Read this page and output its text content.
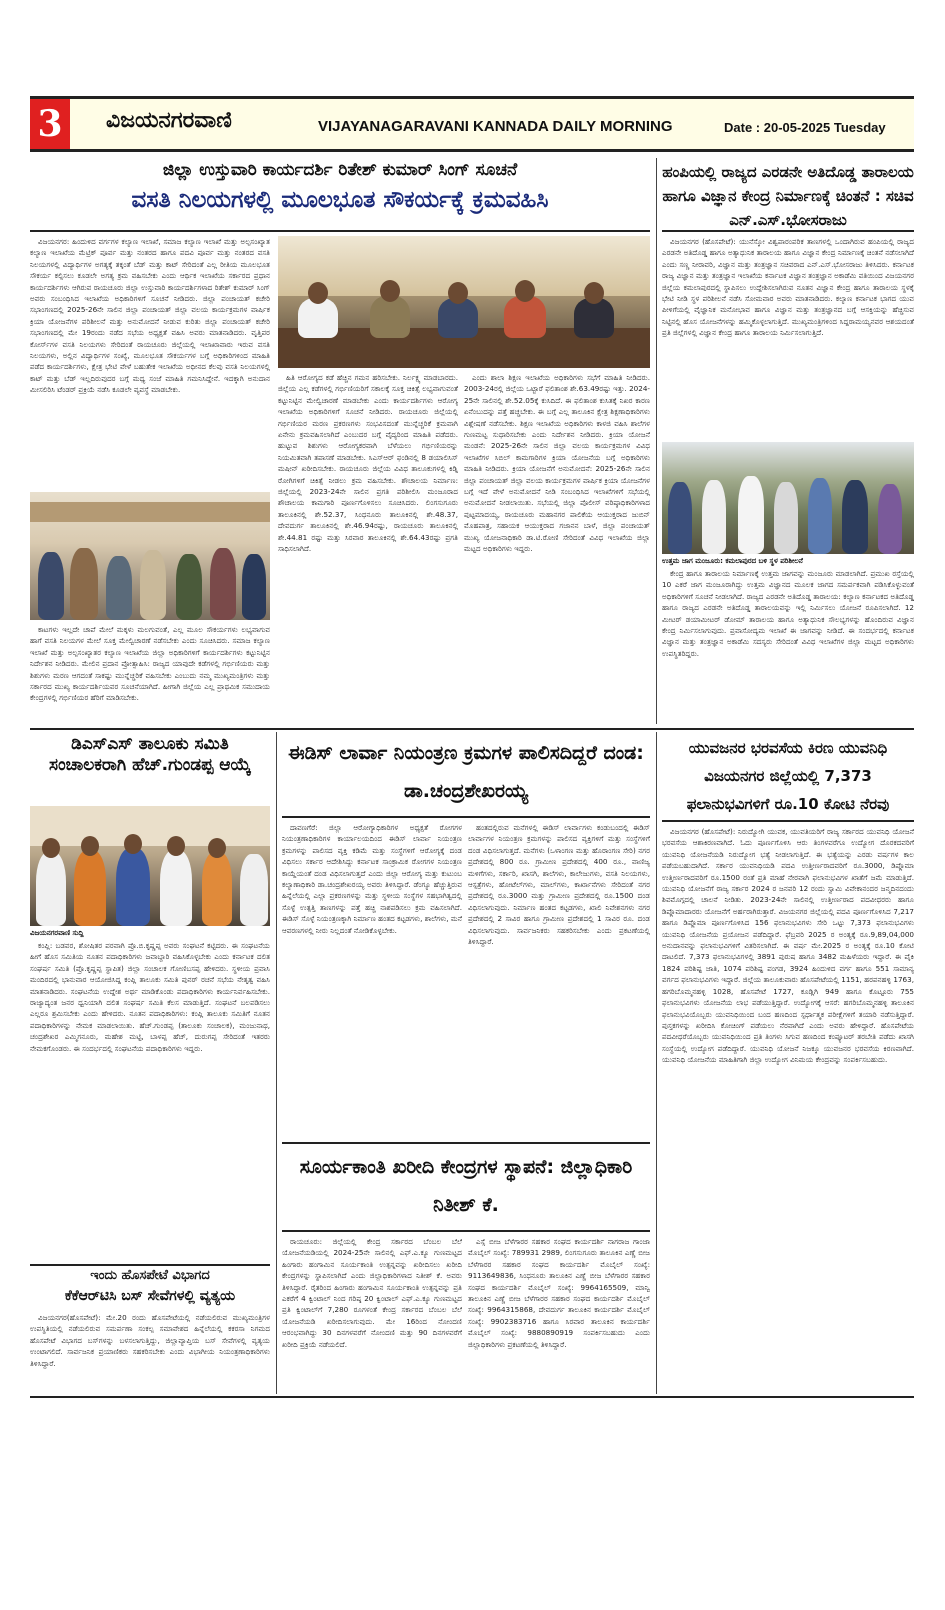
3	ವಿಜಯನಗರವಾಣಿ	VIJAYANAGARAVANI KANNADA DAILY MORNING	Date : 20-05-2025 Tuesday
ಜಿಲ್ಲಾ ಉಸ್ತುವಾರಿ ಕಾರ್ಯದರ್ಶಿ ರಿತೇಶ್ ಕುಮಾರ್ ಸಿಂಗ್ ಸೂಚನೆ
ವಸತಿ ನಿಲಯಗಳಲ್ಲಿ ಮೂಲಭೂತ ಸೌಕರ್ಯಕ್ಕೆ ಕ್ರಮವಹಿಸಿ

ವಿಜಯನಗರ: ಹಿಂದುಳಿದ ವರ್ಗಗಳ ಕಲ್ಯಾಣ ಇಲಾಖೆ, ಸಮಾಜ ಕಲ್ಯಾಣ ಇಲಾಖೆ ಮತ್ತು ಅಲ್ಪಸಂಖ್ಯಾತ ಕಲ್ಯಾಣ ಇಲಾಖೆಯ ಮೆಟ್ರಿಕ್ ಪೂರ್ವ ಮತ್ತು ನಂತರದ ಹಾಗೂ ಪದವಿ ಪೂರ್ವ ಮತ್ತು ನಂತರದ ವಸತಿ ನಿಲಯಗಳಲ್ಲಿ ವಿದ್ಯಾರ್ಥಿಗಳ ಅಗತ್ಯಕ್ಕೆ ತಕ್ಕಂತೆ ಬೆಡ್ ಮತ್ತು ಕಾಟ್ ಸೇರಿದಂತೆ ಎಲ್ಲ ರೀತಿಯ ಮೂಲಭೂತ ಸೌಕರ್ಯ ಕಲ್ಪಿಸಲು ಕೂಡಲೇ ಅಗತ್ಯ ಕ್ರಮ ವಹಿಸಬೇಕು ಎಂದು ಆರ್ಥಿಕ ಇಲಾಖೆಯ ಸರ್ಕಾರದ ಪ್ರಧಾನ ಕಾರ್ಯದರ್ಶಿಗಳು ಆಗಿರುವ ರಾಯಚೂರು ಜಿಲ್ಲಾ ಉಸ್ತುವಾರಿ ಕಾರ್ಯದರ್ಶಿಗಳಾದ ರಿತೇಶ್ ಕುಮಾರ್ ಸಿಂಗ್ ಅವರು ಸಂಬಂಧಿಸಿದ ಇಲಾಖೆಯ ಅಧಿಕಾರಿಗಳಿಗೆ ಸೂಚನೆ ನೀಡಿದರು. ಜಿಲ್ಲಾ ಪಂಚಾಯತ್ ಕಚೇರಿ ಸಭಾಂಗಣದಲ್ಲಿ 2025-26ನೇ ಸಾಲಿನ ಜಿಲ್ಲಾ ಪಂಚಾಯತ್ ಜಿಲ್ಲಾ ವಲಯ ಕಾರ್ಯಕ್ರಮಗಳ ವಾರ್ಷಿಕ ಕ್ರಿಯಾ ಯೋಜನೆಗಳ ಪರಿಶೀಲನೆ ಮತ್ತು ಅನುಮೋದನೆ ನೀಡುವ ಕುರಿತು ಜಿಲ್ಲಾ ಪಂಚಾಯತ್ ಕಚೇರಿ ಸಭಾಂಗಣದಲ್ಲಿ ಮೇ 19ರಂದು ನಡೆದ ಸಭೆಯ ಅಧ್ಯಕ್ಷತೆ ವಹಿಸಿ ಅವರು ಮಾತನಾಡಿದರು. ವೃತ್ತಿಪರ ಕೋರ್ಸ್‌ಗಳ ವಸತಿ ನಿಲಯಗಳು ಸೇರಿದಂತೆ ರಾಯಚೂರು ಜಿಲ್ಲೆಯಲ್ಲಿ ಇಲಾಖಾವಾರು ಇರುವ ವಸತಿ ನಿಲಯಗಳು, ಅಲ್ಲಿನ ವಿದ್ಯಾರ್ಥಿಗಳ ಸಂಖ್ಯೆ, ಮೂಲಭೂತ ಸೌಕರ್ಯಗಳ ಬಗ್ಗೆ ಅಧಿಕಾರಿಗಳಿಂದ ಮಾಹಿತಿ ಪಡೆದ ಕಾರ್ಯದರ್ಶಿಗಳು, ಕ್ಷೇತ್ರ ಭೇಟಿ ವೇಳೆ ಬಹುತೇಕ ಇಲಾಖೆಯ ಅಧೀನದ ಕೆಲವು ವಸತಿ ನಿಲಯಗಳಲ್ಲಿ ಕಾಟ್ ಮತ್ತು ಬೆಡ್ ಇಲ್ಲದಿರುವುದರ ಬಗ್ಗೆ ಮಧ್ಯ ಸಂಜೆ ಮಾಹಿತಿ ಗಮನಿಸಿದ್ದೇನೆ. ಇದಕ್ಕಾಗಿ ಅನುದಾನ ಮೀಸಲಿರಿಸಿ ಟೆಂಡರ್ ಪ್ರಕ್ರಿಯೆ ನಡೆಸಿ ಕೂಡಲೇ ವ್ಯವಸ್ಥೆ ಮಾಡಬೇಕು.

ಕಾಟಗಳು ಇಲ್ಲದೇ ಚಾಪೆ ಮೇಲೆ ಮಕ್ಕಳು ಮಲಗುವಂತೆ, ಎಲ್ಲ ಮೂಲ ಸೌಕರ್ಯಗಳು ಲಭ್ಯವಾಗುವ ಹಾಗೆ ವಸತಿ ನಿಲಯಗಳ ಮೇಲೆ ಸೂಕ್ತ ಮೇಲ್ವಿಚಾರಣೆ ನಡೆಸಬೇಕು ಎಂದು ಸೂಚಿಸಿದರು. ಸಮಾಜ ಕಲ್ಯಾಣ ಇಲಾಖೆ ಮತ್ತು ಅಲ್ಪಸಂಖ್ಯಾತರ ಕಲ್ಯಾಣ ಇಲಾಖೆಯ ಜಿಲ್ಲಾ ಅಧಿಕಾರಿಗಳಿಗೆ ಕಾರ್ಯದರ್ಶಿಗಳು ಕಟ್ಟುನಿಟ್ಟಿನ ನಿರ್ದೇಶನ ನೀಡಿದರು. ಮೇಲಿನ ಪ್ರದಾನ ಪ್ರೋತ್ಸಾಹಿಸಿ: ರಾಜ್ಯದ ಯಾವುದೇ ಕಡೆಗಳಲ್ಲಿ ಗರ್ಭಿಣಿಯರು ಮತ್ತು ಶಿಶುಗಳು ಮರಣ ಆಗದಂತೆ ಸಾಕಷ್ಟು ಮುನ್ನೆಚ್ಚರಿಕೆ ವಹಿಸಬೇಕು ಎಂಬುದು ನಮ್ಮ ಮುಖ್ಯಮಂತ್ರಿಗಳು ಮತ್ತು ಸರ್ಕಾರದ ಮುಖ್ಯ ಕಾರ್ಯದರ್ಶಿಯವರ ಸೂಚನೆಯಾಗಿದೆ. ಹೀಗಾಗಿ ಜಿಲ್ಲೆಯ ಎಲ್ಲ ಪ್ರಾಥಮಿಕ ಸಮುದಾಯ ಕೇಂದ್ರಗಳಲ್ಲಿ ಗರ್ಭಿಣಿಯರ ಹೆರಿಗೆ ಮಾಡಿಸಬೇಕು.

ಹಿತಿ ಆರೋಗ್ಯದ ಕಡೆ ಹೆಚ್ಚಿನ ಗಮನ ಹರಿಸಬೇಕು. ನಿರ್ಲಕ್ಷ್ಯ ಮಾಡಬಾರದು. ಜಿಲ್ಲೆಯ ಎಲ್ಲ ಕಡೆಗಳಲ್ಲಿ ಗರ್ಭಿಣಿಯರಿಗೆ ಸಕಾಲಕ್ಕೆ ಸೂಕ್ತ ಚಿಕಿತ್ಸೆ ಲಭ್ಯವಾಗುವಂತೆ ಕಟ್ಟುನಿಟ್ಟಿನ ಮೇಲ್ವಿಚಾರಣೆ ಮಾಡಬೇಕು ಎಂದು ಕಾರ್ಯದರ್ಶಿಗಳು ಆರೋಗ್ಯ ಇಲಾಖೆಯ ಅಧಿಕಾರಿಗಳಿಗೆ ಸೂಚನೆ ನೀಡಿದರು. ರಾಯಚೂರು ಜಿಲ್ಲೆಯಲ್ಲಿ ಗರ್ಭಿಣಿಯರ ಮರಣ ಪ್ರಕರಣಗಳು ಸಂಭವಿಸದಂತೆ ಮುನ್ನೆಚ್ಚರಿಕೆ ಕ್ರಮವಾಗಿ ಏನೇನು ಕ್ರಮವಹಿಸಲಾಗಿದೆ ಎಂಬುದರ ಬಗ್ಗೆ ವೈದ್ಯರಿಂದ ಮಾಹಿತಿ ಪಡೆದರು. ಹುಟ್ಟುವ ಶಿಶುಗಳು ಆರೋಗ್ಯಕರವಾಗಿ ಬೆಳೆಯಲು ಗರ್ಭಿಣಿಯರನ್ನು ನಿಯಮಿತವಾಗಿ ತಪಾಸಣೆ ಮಾಡಬೇಕು. ಸಿಎಸ್ಆರ್ ಫಂಡಿನಲ್ಲಿ 8 ಡಯಾಲಿಸಿಸ್ ಮಷೀನ್ ಖರೀದಿಸಬೇಕು. ರಾಯಚೂರು ಜಿಲ್ಲೆಯ ವಿವಿಧ ತಾಲೂಕುಗಳಲ್ಲಿ ಕಿಡ್ನಿ ರೋಗಿಗಳಿಗೆ ಚಿಕಿತ್ಸೆ ನೀಡಲು ಕ್ರಮ ವಹಿಸಬೇಕು. ಶೌಚಾಲಯ ನಿರ್ಮಾಣ: ಜಿಲ್ಲೆಯಲ್ಲಿ 2023-24ನೇ ಸಾಲಿನ ಪ್ರಗತಿ ಪರಿಶೀಲಿಸಿ ಮಂಜೂರಾದ ಶೌಚಾಲಯ ಕಾಮಗಾರಿ ಪೂರ್ಣಗೊಳಿಸಲು ಸೂಚಿಸಿದರು. ಲಿಂಗಸುಗೂರು ತಾಲೂಕಿನಲ್ಲಿ ಶೇ.52.37, ಸಿಂಧನೂರು ತಾಲೂಕಿನಲ್ಲಿ ಶೇ.48.37, ದೇವದುರ್ಗ ತಾಲೂಕಿನಲ್ಲಿ ಶೇ.46.94ರಷ್ಟು, ರಾಯಚೂರು ತಾಲೂಕಿನಲ್ಲಿ ಶೇ.44.81 ರಷ್ಟು ಮತ್ತು ಸಿರವಾರ ತಾಲೂಕಿನಲ್ಲಿ ಶೇ.64.43ರಷ್ಟು ಪ್ರಗತಿ ಸಾಧಿಸಲಾಗಿದೆ.

ಎಂದು ಶಾಲಾ ಶಿಕ್ಷಣ ಇಲಾಖೆಯ ಅಧಿಕಾರಿಗಳು ಸಭೆಗೆ ಮಾಹಿತಿ ನೀಡಿದರು. 2003-24ರಲ್ಲಿ ಜಿಲ್ಲೆಯ ಒಟ್ಟಾರೆ ಫಲಿತಾಂಶ ಶೇ.63.49ರಷ್ಟು ಇತ್ತು. 2024-25ನೇ ಸಾಲಿನಲ್ಲಿ ಶೇ.52.05ಕ್ಕೆ ಕುಸಿದಿದೆ. ಈ ಫಲಿತಾಂಶ ಕುಸಿತಕ್ಕೆ ನಿಖರ ಕಾರಣ ಏನೆಂಬುದನ್ನು ಪತ್ತೆ ಹಚ್ಚಬೇಕು. ಈ ಬಗ್ಗೆ ಎಲ್ಲ ತಾಲೂಕಿನ ಕ್ಷೇತ್ರ ಶಿಕ್ಷಣಾಧಿಕಾರಿಗಳು ವಿಶ್ಲೇಷಣೆ ನಡೆಸಬೇಕು. ಶಿಕ್ಷಣ ಇಲಾಖೆಯ ಅಧಿಕಾರಿಗಳು ಕಾಳಜಿ ವಹಿಸಿ ಶಾಲೆಗಳ ಗುಣಮಟ್ಟ ಸುಧಾರಿಸಬೇಕು ಎಂದು ನಿರ್ದೇಶನ ನೀಡಿದರು. ಕ್ರಿಯಾ ಯೋಜನೆ ಮಂಡನೆ: 2025-26ನೇ ಸಾಲಿನ ಜಿಲ್ಲಾ ವಲಯ ಕಾರ್ಯಕ್ರಮಗಳ ವಿವಿಧ ಇಲಾಖೆಗಳ ಸಿಬಿಲ್ ಕಾಮಗಾರಿಗಳ ಕ್ರಿಯಾ ಯೋಜನೆಯ ಬಗ್ಗೆ ಅಧಿಕಾರಿಗಳು ಮಾಹಿತಿ ನೀಡಿದರು. ಕ್ರಿಯಾ ಯೋಜನೆಗೆ ಅನುಮೋದನೆ: 2025-26ನೇ ಸಾಲಿನ ಜಿಲ್ಲಾ ಪಂಚಾಯತ್ ಜಿಲ್ಲಾ ವಲಯ ಕಾರ್ಯಕ್ರಮಗಳ ವಾರ್ಷಿಕ ಕ್ರಿಯಾ ಯೋಜನೆಗಳ ಬಗ್ಗೆ ಇದೆ ವೇಳೆ ಅನುಮೋದನೆ ನೀಡಿ ಸಂಬಂಧಿಸಿದ ಇಲಾಖೆಗಳಿಗೆ ಸಭೆಯಲ್ಲಿ ಅನುಮೋದನೆ ನೀಡಲಾಯಿತು. ಸಭೆಯಲ್ಲಿ ಜಿಲ್ಲಾ ಪೊಲೀಸ್ ವರಿಷ್ಠಾಧಿಕಾರಿಗಳಾದ ಪುಟ್ಟಮಾದಯ್ಯ, ರಾಯಚೂರು ಮಹಾನಗರ ಪಾಲಿಕೆಯ ಆಯುಕ್ತರಾದ ಜುಬಿನ್ ಮೊಹಪಾತ್ರ, ಸಹಾಯಕ ಆಯುಕ್ತರಾದ ಗಜಾನನ ಬಾಳೆ, ಜಿಲ್ಲಾ ಪಂಚಾಯತ್ ಮುಖ್ಯ ಯೋಜನಾಧಿಕಾರಿ ಡಾ.ಟಿ.ರೋಣಿ ಸೇರಿದಂತೆ ವಿವಿಧ ಇಲಾಖೆಯ ಜಿಲ್ಲಾ ಮಟ್ಟದ ಅಧಿಕಾರಿಗಳು ಇದ್ದರು.

ಹಂಪಿಯಲ್ಲಿ ರಾಜ್ಯದ ಎರಡನೇ ಅತಿದೊಡ್ಡ ತಾರಾಲಯ ಹಾಗೂ ವಿಜ್ಞಾನ ಕೇಂದ್ರ ನಿರ್ಮಾಣಕ್ಕೆ ಚಿಂತನೆ : ಸಚಿವ ಎನ್.ಎಸ್.ಭೋಸರಾಜು

ವಿಜಯನಗರ (ಹೊಸಪೇಟೆ): ಯುನೆಸ್ಕೋ ವಿಶ್ವಪಾರಂಪರಿಕ ತಾಣಗಳಲ್ಲಿ ಒಂದಾಗಿರುವ ಹಂಪಿಯಲ್ಲಿ ರಾಜ್ಯದ ಎರಡನೇ ಅತಿದೊಡ್ಡ ಹಾಗೂ ಅತ್ಯಾಧುನಿಕ ತಾರಾಲಯ ಹಾಗೂ ವಿಜ್ಞಾನ ಕೇಂದ್ರ ನಿರ್ಮಾಣಕ್ಕೆ ಚಿಂತನೆ ನಡೆಸಲಾಗಿದೆ ಎಂದು ಸಣ್ಣ ನೀರಾವರಿ, ವಿಜ್ಞಾನ ಮತ್ತು ತಂತ್ರಜ್ಞಾನ ಸಚಿವರಾದ ಎನ್.ಎಸ್.ಭೋಸರಾಜು ತಿಳಿಸಿದರು. ಕರ್ನಾಟಕ ರಾಜ್ಯ ವಿಜ್ಞಾನ ಮತ್ತು ತಂತ್ರಜ್ಞಾನ ಇಲಾಖೆಯ ಕರ್ನಾಟಕ ವಿಜ್ಞಾನ ತಂತ್ರಜ್ಞಾನ ಅಕಾಡೆಮಿ ವತಿಯಿಂದ ವಿಜಯನಗರ ಜಿಲ್ಲೆಯ ಕಮಲಾಪುರದಲ್ಲಿ ಸ್ಥಾಪಿಸಲು ಉದ್ದೇಶಿಸಲಾಗಿರುವ ನೂತನ ವಿಜ್ಞಾನ ಕೇಂದ್ರ ಹಾಗೂ ತಾರಾಲಯ ಸ್ಥಳಕ್ಕೆ ಭೇಟಿ ನೀಡಿ ಸ್ಥಳ ಪರಿಶೀಲನೆ ನಡೆಸಿ ಸೋಮವಾರ ಅವರು ಮಾತನಾಡಿದರು. ಕಲ್ಯಾಣ ಕರ್ನಾಟಕ ಭಾಗದ ಯುವ ಪೀಳಿಗೆಯಲ್ಲಿ ವೈಜ್ಞಾನಿಕ ಮನೋಭಾವ ಹಾಗೂ ವಿಜ್ಞಾನ ಮತ್ತು ತಂತ್ರಜ್ಞಾನದ ಬಗ್ಗೆ ಆಸಕ್ತಿಯನ್ನು ಹೆಚ್ಚಿಸುವ ನಿಟ್ಟಿನಲ್ಲಿ ಹೊಸ ಯೋಜನೆಗಳನ್ನು ಹಮ್ಮಿಕೊಳ್ಳಲಾಗುತ್ತಿದೆ. ಮುಖ್ಯಮಂತ್ರಿಗಳಿಂದ ಸಿದ್ದರಾಮಯ್ಯನವರ ಆಶಯದಂತೆ ಪ್ರತಿ ಜಿಲ್ಲೆಗಳಲ್ಲಿ ವಿಜ್ಞಾನ ಕೇಂದ್ರ ಹಾಗೂ ತಾರಾಲಯ ನಿರ್ಮಿಸಲಾಗುತ್ತಿದೆ.

ಉತ್ತಮ ಜಾಗ ಮಂಜೂರು: ಕಮಲಾಪುರದ ಬಳಿ ಸ್ಥಳ ಪರಿಶೀಲನೆ

ಕೇಂದ್ರ ಹಾಗೂ ತಾರಾಲಯ ನಿರ್ಮಾಣಕ್ಕೆ ಉತ್ತಮ ಜಾಗವನ್ನು ಮಂಜೂರು ಮಾಡಲಾಗಿದೆ. ಪ್ರಮುಖ ರಸ್ತೆಯಲ್ಲಿ 10 ಎಕರೆ ಜಾಗ ಮಂಜೂರಾಗಿದ್ದು ಉತ್ತಮ ವಿಜ್ಞಾನದ ಮೂಲಕ ಜಾಗದ ಸಮರ್ಪಕವಾಗಿ ಪಡಿಸಿಕೊಳ್ಳುವಂತೆ ಅಧಿಕಾರಿಗಳಿಗೆ ಸೂಚನೆ ನೀಡಲಾಗಿದೆ. ರಾಜ್ಯದ ಎರಡನೇ ಅತಿದೊಡ್ಡ ತಾರಾಲಯ: ಕಲ್ಯಾಣ ಕರ್ನಾಟಕದ ಅತಿದೊಡ್ಡ ಹಾಗೂ ರಾಜ್ಯದ ಎರಡನೇ ಅತಿದೊಡ್ಡ ತಾರಾಲಯವನ್ನು ಇಲ್ಲಿ ನಿರ್ಮಿಸಲು ಯೋಜನೆ ರೂಪಿಸಲಾಗಿದೆ. 12 ಮೀಟರ್ ಡಯಾಮೀಟರ್ ಡೋಮ್ ತಾರಾಲಯ ಹಾಗೂ ಅತ್ಯಾಧುನಿಕ ಸೌಲಭ್ಯಗಳನ್ನು ಹೊಂದಿರುವ ವಿಜ್ಞಾನ ಕೇಂದ್ರ ನಿರ್ಮಿಸಲಾಗುವುದು. ಪ್ರವಾಸೋದ್ಯಮ ಇಲಾಖೆ ಈ ಜಾಗವನ್ನು ನೀಡಿದೆ. ಈ ಸಂದರ್ಭದಲ್ಲಿ ಕರ್ನಾಟಕ ವಿಜ್ಞಾನ ಮತ್ತು ತಂತ್ರಜ್ಞಾನ ಅಕಾಡೆಮಿ ಸದಸ್ಯರು ಸೇರಿದಂತೆ ವಿವಿಧ ಇಲಾಖೆಗಳ ಜಿಲ್ಲಾ ಮಟ್ಟದ ಅಧಿಕಾರಿಗಳು ಉಪಸ್ಥಿತರಿದ್ದರು.

ಡಿಎಸ್‌ಎಸ್ ತಾಲೂಕು ಸಮಿತಿ ಸಂಚಾಲಕರಾಗಿ ಹೆಚ್.ಗುಂಡಪ್ಪ ಆಯ್ಕೆ
ವಿಜಯನಗರವಾಣಿ ಸುದ್ದಿ

ಕಂಪ್ಲಿ: ಬಡವರ, ಶೋಷಿತರ ಪರವಾಗಿ ಪ್ರೊ.ಬಿ.ಕೃಷ್ಣಪ್ಪ ಅವರು ಸಂಘಟನೆ ಕಟ್ಟಿದರು. ಈ ಸಂಘಟನೆಯ ಹೀಗೆ ಹೊಸ ಸಮಿತಿಯ ನೂತನ ಪದಾಧಿಕಾರಿಗಳು ಜವಾಬ್ದಾರಿ ವಹಿಸಿಕೊಳ್ಳಬೇಕು ಎಂದು ಕರ್ನಾಟಕ ದಲಿತ ಸಂಘರ್ಷ ಸಮಿತಿ (ಪ್ರೊ.ಕೃಷ್ಣಪ್ಪ ಸ್ಥಾಪಿತ) ಜಿಲ್ಲಾ ಸಂಚಾಲಕ ಗೋಣಿಬಸಪ್ಪ ಹೇಳಿದರು. ಸ್ಥಳೀಯ ಪ್ರವಾಸಿ ಮಂದಿರದಲ್ಲಿ ಭಾನುವಾರ ಆಯೋಜಿಸಿದ್ದ ಕಂಪ್ಲಿ ತಾಲೂಕು ಸಮಿತಿ ಪುನರ್ ರಚನೆ ಸಭೆಯ ನೇತೃತ್ವ ವಹಿಸಿ ಮಾತನಾಡಿದರು. ಸಂಘಟನೆಯ ಉದ್ದೇಶ ಅರ್ಥ ಮಾಡಿಕೊಂಡು ಪದಾಧಿಕಾರಿಗಳು ಕಾರ್ಯನಿರ್ವಹಿಸಬೇಕು. ರಾಜ್ಯಾದ್ಯಂತ ಜನರ ಧ್ವನಿಯಾಗಿ ದಲಿತ ಸಂಘರ್ಷ ಸಮಿತಿ ಕೆಲಸ ಮಾಡುತ್ತಿದೆ. ಸಂಘಟನೆ ಬಲಪಡಿಸಲು ಎಲ್ಲರೂ ಶ್ರಮಿಸಬೇಕು ಎಂದು ಹೇಳಿದರು. ನೂತನ ಪದಾಧಿಕಾರಿಗಳು: ಕಂಪ್ಲಿ ತಾಲೂಕು ಸಮಿತಿಗೆ ನೂತನ ಪದಾಧಿಕಾರಿಗಳನ್ನು ನೇಮಕ ಮಾಡಲಾಯಿತು. ಹೆಚ್.ಗುಂಡಪ್ಪ (ತಾಲೂಕು ಸಂಚಾಲಕ), ಮಂಜುನಾಥ, ಚಂದ್ರಶೇಖರ ಎಮ್ಮಿಗನೂರು, ಮಹೇಶ ಮಟ್ಟಿ, ಬಾಳಪ್ಪ ಹೆಚ್, ದುರುಗಪ್ಪ ಸೇರಿದಂತೆ ಇತರರು ನೇಮಕಗೊಂಡರು. ಈ ಸಂದರ್ಭದಲ್ಲಿ ಸಂಘಟನೆಯ ಪದಾಧಿಕಾರಿಗಳು ಇದ್ದರು.

ಇಂದು ಹೊಸಪೇಟೆ ವಿಭಾಗದ
ಕೆಕೆಆರ್‌ಟಿಸಿ ಬಸ್ ಸೇವೆಗಳಲ್ಲಿ ವ್ಯತ್ಯಯ

ವಿಜಯನಗರ(ಹೊಸಪೇಟೆ): ಮೇ.20 ರಂದು ಹೊಸಪೇಟೆಯಲ್ಲಿ ನಡೆಯಲಿರುವ ಮುಖ್ಯಮಂತ್ರಿಗಳ ಉಪಸ್ಥಿತಿಯಲ್ಲಿ ನಡೆಯಲಿರುವ ಸಮರ್ಪಣಾ ಸಂಕಲ್ಪ ಸಮಾವೇಶದ ಹಿನ್ನೆಲೆಯಲ್ಲಿ ಕಕರಸಾ ನಿಗಮದ ಹೊಸಪೇಟೆ ವಿಭಾಗದ ಬಸ್‌ಗಳನ್ನು ಬಳಸಲಾಗುತ್ತಿದ್ದು, ಜಿಲ್ಲಾವ್ಯಾಪ್ತಿಯ ಬಸ್ ಸೇವೆಗಳಲ್ಲಿ ವ್ಯತ್ಯಯ ಉಂಟಾಗಲಿದೆ. ಸಾರ್ವಜನಿಕ ಪ್ರಯಾಣಿಕರು ಸಹಕರಿಸಬೇಕು ಎಂದು ವಿಭಾಗೀಯ ನಿಯಂತ್ರಣಾಧಿಕಾರಿಗಳು ತಿಳಿಸಿದ್ದಾರೆ.

ಈಡಿಸ್ ಲಾರ್ವಾ ನಿಯಂತ್ರಣ ಕ್ರಮಗಳ ಪಾಲಿಸದಿದ್ದರೆ ದಂಡ: ಡಾ.ಚಂದ್ರಶೇಖರಯ್ಯ

ದಾವಣಗೆರೆ: ಜಿಲ್ಲಾ ಆರೋಗ್ಯಾಧಿಕಾರಿಗಳ ಅಧ್ಯಕ್ಷತೆ ರೋಗಗಳ ನಿಯಂತ್ರಣಾಧಿಕಾರಿಗಳ ಕಾರ್ಯಾಲಯದಿಂದ ಈಡಿಸ್ ಲಾರ್ವಾ ನಿಯಂತ್ರಣ ಕ್ರಮಗಳನ್ನು ಪಾಲಿಸದ ವ್ಯಕ್ತಿ ಕಡಿಮೆ ಮತ್ತು ಸಂಸ್ಥೆಗಳಿಗೆ ಆರೋಗ್ಯಕ್ಕೆ ದಂಡ ವಿಧಿಸಲು ಸರ್ಕಾರ ಆದೇಶಿಸಿದ್ದು ಕರ್ನಾಟಕ ಸಾಂಕ್ರಾಮಿಕ ರೋಗಗಳ ನಿಯಂತ್ರಣ ಕಾಯ್ದೆಯಂತೆ ದಂಡ ವಿಧಿಸಲಾಗುತ್ತದೆ ಎಂದು ಜಿಲ್ಲಾ ಆರೋಗ್ಯ ಮತ್ತು ಕುಟುಂಬ ಕಲ್ಯಾಣಾಧಿಕಾರಿ ಡಾ.ಚಂದ್ರಶೇಖರಯ್ಯ ಅವರು ತಿಳಿಸಿದ್ದಾರೆ. ಡೆಂಗ್ಯೂ ಹೆಚ್ಚುತ್ತಿರುವ ಹಿನ್ನೆಲೆಯಲ್ಲಿ ಎಲ್ಲಾ ಪ್ರಕರಣಗಳನ್ನು ಮತ್ತು ಸ್ಥಳೀಯ ಸಂಸ್ಥೆಗಳ ಸಹಭಾಗಿತ್ವದಲ್ಲಿ ಸೊಳ್ಳೆ ಉತ್ಪತ್ತಿ ತಾಣಗಳನ್ನು ಪತ್ತೆ ಹಚ್ಚಿ ನಾಶಪಡಿಸಲು ಕ್ರಮ ವಹಿಸಲಾಗಿದೆ. ಈಡಿಸ್ ಸೊಳ್ಳೆ ನಿಯಂತ್ರಣಕ್ಕಾಗಿ ನಿರ್ಮಾಣ ಹಂತದ ಕಟ್ಟಡಗಳು, ಶಾಲೆಗಳು, ಮನೆ ಆವರಣಗಳಲ್ಲಿ ನೀರು ನಿಲ್ಲದಂತೆ ನೋಡಿಕೊಳ್ಳಬೇಕು.

ಹಂತದಲ್ಲಿರುವ ಮನೆಗಳಲ್ಲಿ ಈಡಿಸ್ ಲಾರ್ವಾಗಳು ಕಂಡುಬಂದಲ್ಲಿ ಈಡಿಸ್ ಲಾರ್ವಾಗಳ ನಿಯಂತ್ರಣ ಕ್ರಮಗಳನ್ನು ಪಾಲಿಸದ ವ್ಯಕ್ತಿಗಳಿಗೆ ಮತ್ತು ಸಂಸ್ಥೆಗಳಿಗೆ ದಂಡ ವಿಧಿಸಲಾಗುತ್ತದೆ. ಮನೆಗಳು (ಒಳಾಂಗಣ ಮತ್ತು ಹೊರಾಂಗಣ ಸೇರಿ) ನಗರ ಪ್ರದೇಶದಲ್ಲಿ 800 ರೂ. ಗ್ರಾಮೀಣ ಪ್ರದೇಶದಲ್ಲಿ 400 ರೂ., ವಾಣಿಜ್ಯ ಮಳಿಗೆಗಳು, ಸರ್ಕಾರಿ, ಖಾಸಗಿ, ಶಾಲೆಗಳು, ಕಾಲೇಜುಗಳು, ವಸತಿ ನಿಲಯಗಳು, ಆಸ್ಪತ್ರೆಗಳು, ಹೋಟೆಲ್‌ಗಳು, ಮಾಲ್‌ಗಳು, ಕಾರ್ಖಾನೆಗಳು ಸೇರಿದಂತೆ ನಗರ ಪ್ರದೇಶದಲ್ಲಿ ರೂ.3000 ಮತ್ತು ಗ್ರಾಮೀಣ ಪ್ರದೇಶದಲ್ಲಿ ರೂ.1500 ದಂಡ ವಿಧಿಸಲಾಗುವುದು. ನಿರ್ಮಾಣ ಹಂತದ ಕಟ್ಟಡಗಳು, ಖಾಲಿ ನಿವೇಶನಗಳು ನಗರ ಪ್ರದೇಶದಲ್ಲಿ 2 ಸಾವಿರ ಹಾಗೂ ಗ್ರಾಮೀಣ ಪ್ರದೇಶದಲ್ಲಿ 1 ಸಾವಿರ ರೂ. ದಂಡ ವಿಧಿಸಲಾಗುವುದು. ಸಾರ್ವಜನಿಕರು ಸಹಕರಿಸಬೇಕು ಎಂದು ಪ್ರಕಟಣೆಯಲ್ಲಿ ತಿಳಿಸಿದ್ದಾರೆ.

ಸೂರ್ಯಕಾಂತಿ ಖರೀದಿ ಕೇಂದ್ರಗಳ ಸ್ಥಾಪನೆ: ಜಿಲ್ಲಾಧಿಕಾರಿ ನಿತೀಶ್ ಕೆ.

ರಾಯಚೂರು: ಜಿಲ್ಲೆಯಲ್ಲಿ ಕೇಂದ್ರ ಸರ್ಕಾರದ ಬೆಂಬಲ ಬೆಲೆ ಯೋಜನೆಯಡಿಯಲ್ಲಿ 2024-25ನೇ ಸಾಲಿನಲ್ಲಿ ಎಫ್.ಎ.ಕ್ಯೂ ಗುಣಮಟ್ಟದ ಹಿಂಗಾರು ಹಂಗಾಮಿನ ಸೂರ್ಯಕಾಂತಿ ಉತ್ಪನ್ನವನ್ನು ಖರೀದಿಸಲು ಖರೀದಿ ಕೇಂದ್ರಗಳನ್ನು ಸ್ಥಾಪಿಸಲಾಗಿದೆ ಎಂದು ಜಿಲ್ಲಾಧಿಕಾರಿಗಳಾದ ನಿತೀಶ್ ಕೆ. ಅವರು ತಿಳಿಸಿದ್ದಾರೆ. ರೈತರಿಂದ ಹಿಂಗಾರು ಹಂಗಾಮಿನ ಸೂರ್ಯಕಾಂತಿ ಉತ್ಪನ್ನವನ್ನು ಪ್ರತಿ ಎಕರೆಗೆ 4 ಕ್ವಿಂಟಾಲ್ ನಿಂದ ಗರಿಷ್ಠ 20 ಕ್ವಿಂಟಾಲ್ ಎಫ್.ಎ.ಕ್ಯೂ ಗುಣಮಟ್ಟದ ಪ್ರತಿ ಕ್ವಿಂಟಾಲ್‌ಗೆ 7,280 ರೂಗಳಂತೆ ಕೇಂದ್ರ ಸರ್ಕಾರದ ಬೆಂಬಲ ಬೆಲೆ ಯೋಜನೆಯಡಿ ಖರೀದಿಸಲಾಗುವುದು. ಮೇ 16ರಿಂದ ನೋಂದಣಿ ಆರಂಭವಾಗಿದ್ದು 30 ದಿನಗಳವರೆಗೆ ನೋಂದಣಿ ಮತ್ತು 90 ದಿನಗಳವರೆಗೆ ಖರೀದಿ ಪ್ರಕ್ರಿಯೆ ನಡೆಯಲಿದೆ.

ಎಸ್ಸೆ ಬೀಜ ಬೆಳೆಗಾರರ ಸಹಕಾರ ಸಂಘದ ಕಾರ್ಯದರ್ಶಿ ನಾಗರಾಜ ಗಾಂಜಾ ಮೊಬೈಲ್ ಸಂಖ್ಯೆ: 789931 2989, ಲಿಂಗಸುಗೂರು ತಾಲೂಕಿನ ಎಣ್ಣೆ ಬೀಜ ಬೆಳೆಗಾರರ ಸಹಕಾರ ಸಂಘದ ಕಾರ್ಯದರ್ಶಿ ಮೊಬೈಲ್ ಸಂಖ್ಯೆ: 9113649836, ಸಿಂಧನೂರು ತಾಲೂಕಿನ ಎಣ್ಣೆ ಬೀಜ ಬೆಳೆಗಾರರ ಸಹಕಾರ ಸಂಘದ ಕಾರ್ಯದರ್ಶಿ ಮೊಬೈಲ್ ಸಂಖ್ಯೆ: 9964165509, ಮಾನ್ವಿ ತಾಲೂಕಿನ ಎಣ್ಣೆ ಬೀಜ ಬೆಳೆಗಾರರ ಸಹಕಾರ ಸಂಘದ ಕಾರ್ಯದರ್ಶಿ ಮೊಬೈಲ್ ಸಂಖ್ಯೆ: 9964315868, ದೇವದುರ್ಗ ತಾಲೂಕಿನ ಕಾರ್ಯದರ್ಶಿ ಮೊಬೈಲ್ ಸಂಖ್ಯೆ: 9902383716 ಹಾಗೂ ಸಿರವಾರ ತಾಲೂಕಿನ ಕಾರ್ಯದರ್ಶಿ ಮೊಬೈಲ್ ಸಂಖ್ಯೆ: 9880890919 ಸಂಪರ್ಕಿಸಬಹುದು ಎಂದು ಜಿಲ್ಲಾಧಿಕಾರಿಗಳು ಪ್ರಕಟಣೆಯಲ್ಲಿ ತಿಳಿಸಿದ್ದಾರೆ.

ಯುವಜನರ ಭರವಸೆಯ ಕಿರಣ ಯುವನಿಧಿ ವಿಜಯನಗರ ಜಿಲ್ಲೆಯಲ್ಲಿ 7,373 ಫಲಾನುಭವಿಗಳಿಗೆ ರೂ.10 ಕೋಟಿ ನೆರವು

ವಿಜಯನಗರ (ಹೊಸಪೇಟೆ): ನಿರುದ್ಯೋಗಿ ಯುವಕ, ಯುವತಿಯರಿಗೆ ರಾಜ್ಯ ಸರ್ಕಾರದ ಯುವನಿಧಿ ಯೋಜನೆ ಭರವಸೆಯ ಆಶಾಕಿರಣವಾಗಿದೆ. ಓದು ಪೂರ್ಣಗೊಳಿಸಿ ಆರು ತಿಂಗಳವರೆಗೂ ಉದ್ಯೋಗ ದೊರಕದವರಿಗೆ ಯುವನಿಧಿ ಯೋಜನೆಯಡಿ ನಿರುದ್ಯೋಗ ಭತ್ಯೆ ನೀಡಲಾಗುತ್ತಿದೆ. ಈ ಭತ್ಯೆಯನ್ನು ಎರಡು ವರ್ಷಗಳ ಕಾಲ ಪಡೆಯಬಹುದಾಗಿದೆ. ಸರ್ಕಾರ ಯುವನಿಧಿಯಡಿ ಪದವಿ ಉತ್ತೀರ್ಣರಾದವರಿಗೆ ರೂ.3000, ಡಿಪ್ಲೊಮಾ ಉತ್ತೀರ್ಣರಾದವರಿಗೆ ರೂ.1500 ರಂತೆ ಪ್ರತಿ ಮಾಹೆ ನೇರವಾಗಿ ಫಲಾನುಭವಿಗಳ ಖಾತೆಗೆ ಜಮೆ ಮಾಡುತ್ತಿದೆ. ಯುವನಿಧಿ ಯೋಜನೆಗೆ ರಾಜ್ಯ ಸರ್ಕಾರ 2024 ರ ಜನವರಿ 12 ರಂದು ಸ್ವಾಮಿ ವಿವೇಕಾನಂದರ ಜನ್ಮದಿನದಂದು ಶಿವಮೊಗ್ಗದಲ್ಲಿ ಚಾಲನೆ ನೀಡಿತು. 2023-24ನೇ ಸಾಲಿನಲ್ಲಿ ಉತ್ತೀರ್ಣರಾದ ಪದವೀಧರರು ಹಾಗೂ ಡಿಪ್ಲೊಮಾದಾರರು ಯೋಜನೆಗೆ ಅರ್ಹರಾಗಿರುತ್ತಾರೆ. ವಿಜಯನಗರ ಜಿಲ್ಲೆಯಲ್ಲಿ ಪದವಿ ಪೂರ್ಣಗೊಳಿಸಿದ 7,217 ಹಾಗೂ ಡಿಪ್ಲೊಮಾ ಪೂರ್ಣಗೊಳಿಸಿದ 156 ಫಲಾನುಭವಿಗಳು ಸೇರಿ ಒಟ್ಟು 7,373 ಫಲಾನುಭವಿಗಳು ಯುವನಿಧಿ ಯೋಜನೆಯ ಪ್ರಯೋಜನ ಪಡೆದಿದ್ದಾರೆ. ಫೆಬ್ರವರಿ 2025 ರ ಅಂತ್ಯಕ್ಕೆ ರೂ.9,89,04,000 ಅನುದಾನವನ್ನು ಫಲಾನುಭವಿಗಳಿಗೆ ವಿತರಿಸಲಾಗಿದೆ. ಈ ವರ್ಷ ಮೇ.2025 ರ ಅಂತ್ಯಕ್ಕೆ ರೂ.10 ಕೋಟಿ ದಾಟಲಿದೆ. 7,373 ಫಲಾನುಭವಿಗಳಲ್ಲಿ 3891 ಪುರುಷ ಹಾಗೂ 3482 ಮಹಿಳೆಯರು ಇದ್ದಾರೆ. ಈ ಪೈಕಿ 1824 ಪರಿಶಿಷ್ಟ ಜಾತಿ, 1074 ಪರಿಶಿಷ್ಟ ಪಂಗಡ, 3924 ಹಿಂದುಳಿದ ವರ್ಗ ಹಾಗೂ 551 ಸಾಮಾನ್ಯ ವರ್ಗದ ಫಲಾನುಭವಿಗಳು ಇದ್ದಾರೆ. ಜಿಲ್ಲೆಯ ತಾಲೂಕುವಾರು ಹೊಸಪೇಟೆಯಲ್ಲಿ 1151, ಹರಪನಹಳ್ಳಿ 1763, ಹಗರಿಬೊಮ್ಮನಹಳ್ಳಿ 1028, ಹೊಸಪೇಟೆ 1727, ಕೂಡ್ಲಿಗಿ 949 ಹಾಗೂ ಕೊಟ್ಟೂರು 755 ಫಲಾನುಭವಿಗಳು ಯೋಜನೆಯ ಲಾಭ ಪಡೆಯುತ್ತಿದ್ದಾರೆ. ಉದ್ಯೋಗಕ್ಕೆ ಆಸರೆ: ಹಗರಿಬೊಮ್ಮನಹಳ್ಳಿ ತಾಲೂಕಿನ ಫಲಾನುಭವಿಯೊಬ್ಬರು ಯುವನಿಧಿಯಿಂದ ಬಂದ ಹಣದಿಂದ ಸ್ಪರ್ಧಾತ್ಮಕ ಪರೀಕ್ಷೆಗಳಿಗೆ ತಯಾರಿ ನಡೆಸುತ್ತಿದ್ದಾರೆ. ಪುಸ್ತಕಗಳನ್ನು ಖರೀದಿಸಿ ಕೋಚಿಂಗ್ ಪಡೆಯಲು ನೆರವಾಗಿದೆ ಎಂದು ಅವರು ಹೇಳಿದ್ದಾರೆ. ಹೊಸಪೇಟೆಯ ಪದವೀಧರೆಯೊಬ್ಬರು ಯುವನಿಧಿಯಿಂದ ಪ್ರತಿ ತಿಂಗಳು ಸಿಗುವ ಹಣದಿಂದ ಕಂಪ್ಯೂಟರ್ ತರಬೇತಿ ಪಡೆದು ಖಾಸಗಿ ಸಂಸ್ಥೆಯಲ್ಲಿ ಉದ್ಯೋಗ ಪಡೆದಿದ್ದಾರೆ. ಯುವನಿಧಿ ಯೋಜನೆ ನಿಜಕ್ಕೂ ಯುವಜನರ ಭರವಸೆಯ ಕಿರಣವಾಗಿದೆ. ಯುವನಿಧಿ ಯೋಜನೆಯ ಮಾಹಿತಿಗಾಗಿ ಜಿಲ್ಲಾ ಉದ್ಯೋಗ ವಿನಿಮಯ ಕೇಂದ್ರವನ್ನು ಸಂಪರ್ಕಿಸಬಹುದು.
